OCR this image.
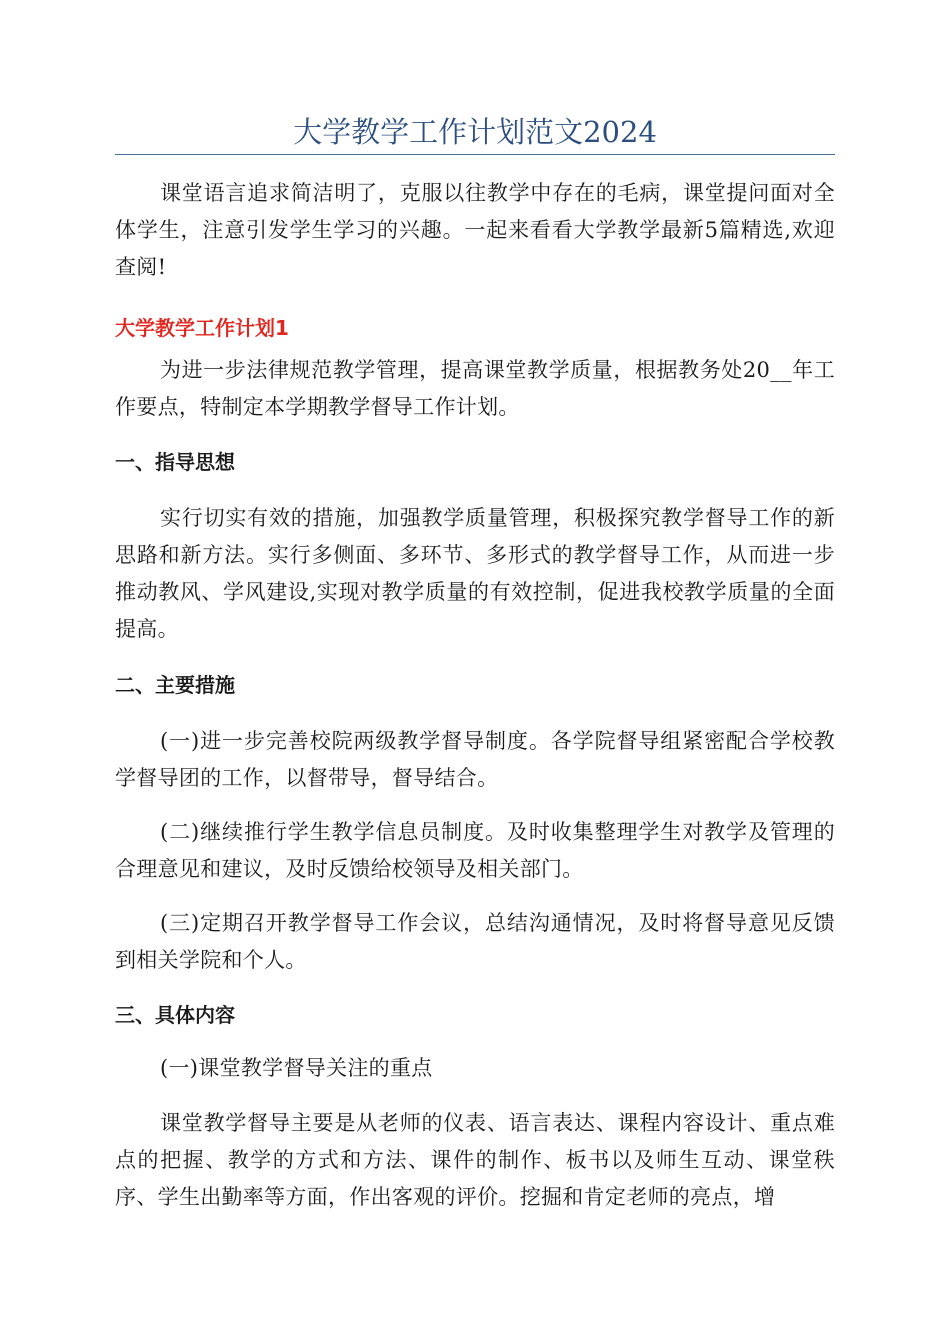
大学教学工作计划范文2024
课堂语言追求简洁明了，克服以往教学中存在的毛病，课堂提问面对全体学生，注意引发学生学习的兴趣。一起来看看大学教学最新5篇精选,欢迎查阅!
大学教学工作计划1
为进一步法律规范教学管理，提高课堂教学质量，根据教务处20__年工作要点，特制定本学期教学督导工作计划。
一、指导思想
实行切实有效的措施，加强教学质量管理，积极探究教学督导工作的新思路和新方法。实行多侧面、多环节、多形式的教学督导工作，从而进一步推动教风、学风建设,实现对教学质量的有效控制，促进我校教学质量的全面提高。
二、主要措施
(一)进一步完善校院两级教学督导制度。各学院督导组紧密配合学校教学督导团的工作，以督带导，督导结合。
(二)继续推行学生教学信息员制度。及时收集整理学生对教学及管理的合理意见和建议，及时反馈给校领导及相关部门。
(三)定期召开教学督导工作会议，总结沟通情况，及时将督导意见反馈到相关学院和个人。
三、具体内容
(一)课堂教学督导关注的重点
课堂教学督导主要是从老师的仪表、语言表达、课程内容设计、重点难点的把握、教学的方式和方法、课件的制作、板书以及师生互动、课堂秩序、学生出勤率等方面，作出客观的评价。挖掘和肯定老师的亮点，增
